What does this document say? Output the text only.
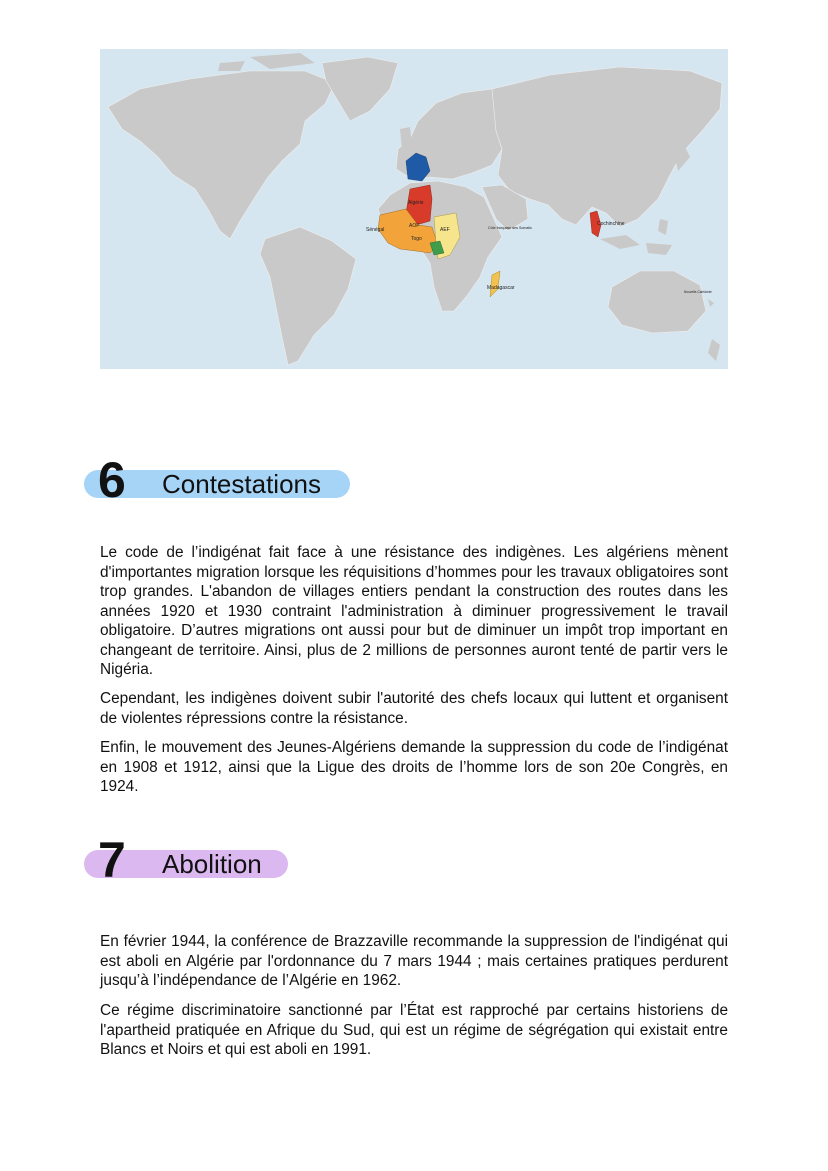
Algérie
Sénégal
AOF
AEF
Togo
Côte française des Somalis
Madagascar
Cochinchine
Nouvelle-Calédonie
6 Contestations

Le code de l’indigénat fait face à une résistance des indigènes. Les algériens mènent d'importantes migration lorsque les réquisitions d’hommes pour les travaux obligatoires sont trop grandes. L'abandon de villages entiers pendant la construction des routes dans les années 1920 et 1930 contraint l'administration à diminuer progressivement le travail obligatoire. D’autres migrations ont aussi pour but de diminuer un impôt trop important en changeant de territoire. Ainsi, plus de 2 millions de personnes auront tenté de partir vers le Nigéria.

Cependant, les indigènes doivent subir l'autorité des chefs locaux qui luttent et organisent de violentes répressions contre la résistance.

Enfin, le mouvement des Jeunes-Algériens demande la suppression du code de l’indigénat en 1908 et 1912, ainsi que la Ligue des droits de l’homme lors de son 20e Congrès, en 1924.

7 Abolition

En février 1944, la conférence de Brazzaville recommande la suppression de l'indigénat qui est aboli en Algérie par l'ordonnance du 7 mars 1944 ; mais certaines pratiques perdurent jusqu’à l’indépendance de l’Algérie en 1962.

Ce régime discriminatoire sanctionné par l’État est rapproché par certains historiens de l'apartheid pratiquée en Afrique du Sud, qui est un régime de ségrégation qui existait entre Blancs et Noirs et qui est aboli en 1991.
